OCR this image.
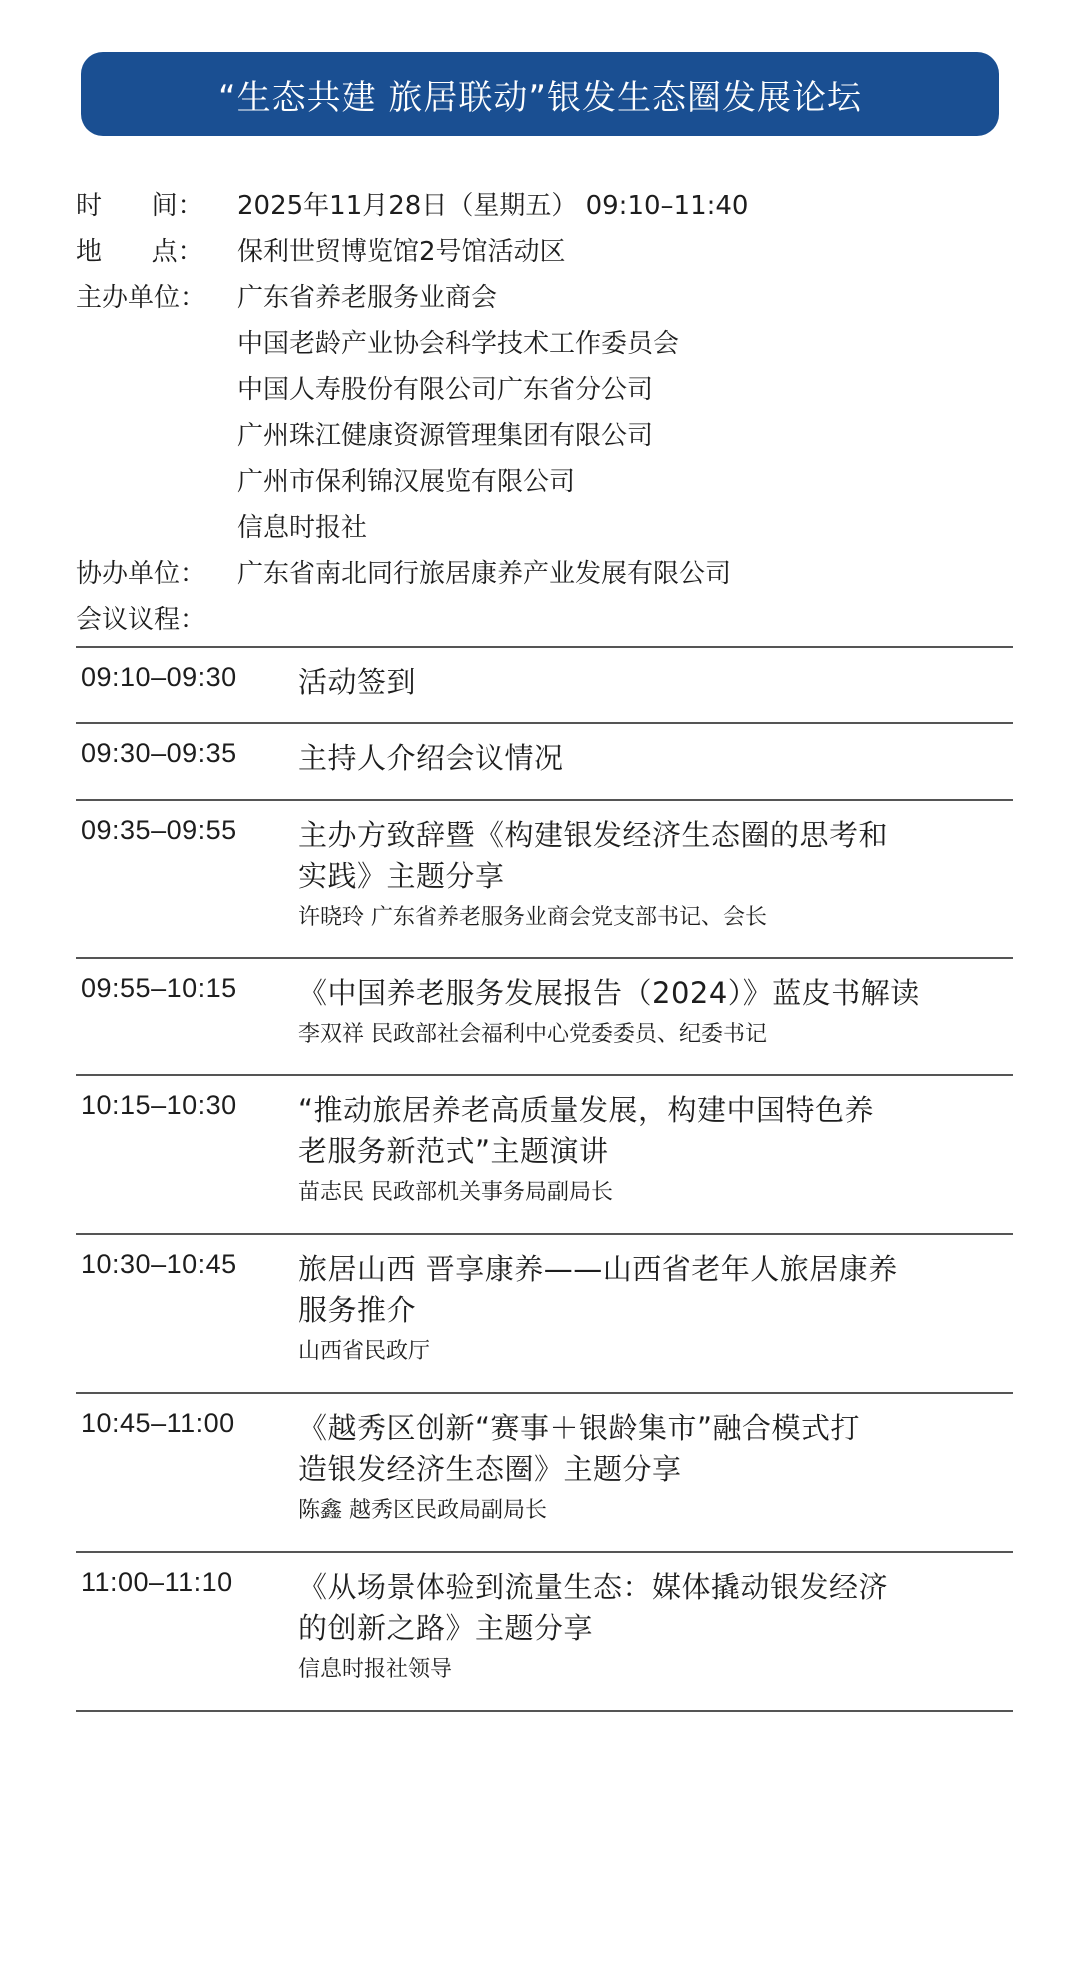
“生态共建 旅居联动”银发生态圈发展论坛
时      间：	2025年11月28日（星期五） 09:10–11:40
地      点：	保利世贸博览馆2号馆活动区
主办单位：	广东省养老服务业商会
中国老龄产业协会科学技术工作委员会
中国人寿股份有限公司广东省分公司
广州珠江健康资源管理集团有限公司
广州市保利锦汉展览有限公司
信息时报社
协办单位：	广东省南北同行旅居康养产业发展有限公司
会议议程：
09:10–09:30 活动签到
09:30–09:35 主持人介绍会议情况
09:35–09:55 主办方致辞暨《构建银发经济生态圈的思考和
实践》主题分享
许晓玲 广东省养老服务业商会党支部书记、会长
09:55–10:15 《中国养老服务发展报告（2024）》蓝皮书解读
李双祥 民政部社会福利中心党委委员、纪委书记
10:15–10:30 “推动旅居养老高质量发展，构建中国特色养
老服务新范式”主题演讲
苗志民 民政部机关事务局副局长
10:30–10:45 旅居山西 晋享康养——山西省老年人旅居康养
服务推介
山西省民政厅
10:45–11:00 《越秀区创新“赛事＋银龄集市”融合模式打
造银发经济生态圈》主题分享
陈鑫 越秀区民政局副局长
11:00–11:10 《从场景体验到流量生态：媒体撬动银发经济
的创新之路》主题分享
信息时报社领导
